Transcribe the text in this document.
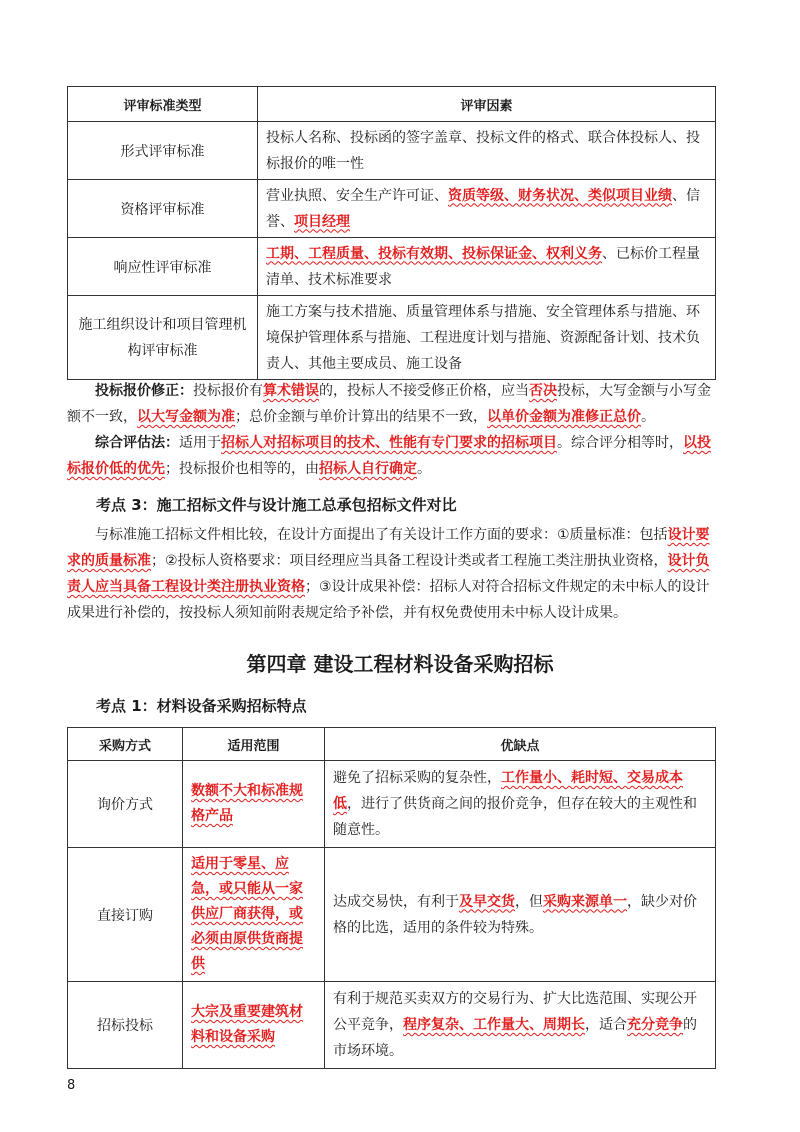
评审标准类型	评审因素
形式评审标准	投标人名称、投标函的签字盖章、投标文件的格式、联合体投标人、投标报价的唯一性
资格评审标准	营业执照、安全生产许可证、资质等级、财务状况、类似项目业绩、信誉、项目经理
响应性评审标准	工期、工程质量、投标有效期、投标保证金、权利义务、已标价工程量清单、技术标准要求
施工组织设计和项目管理机构评审标准	施工方案与技术措施、质量管理体系与措施、安全管理体系与措施、环境保护管理体系与措施、工程进度计划与措施、资源配备计划、技术负责人、其他主要成员、施工设备

投标报价修正：投标报价有算术错误的，投标人不接受修正价格，应当否决投标，大写金额与小写金额不一致，以大写金额为准；总价金额与单价计算出的结果不一致，以单价金额为准修正总价。

综合评估法：适用于招标人对招标项目的技术、性能有专门要求的招标项目。综合评分相等时，以投标报价低的优先；投标报价也相等的，由招标人自行确定。

考点 3：施工招标文件与设计施工总承包招标文件对比

与标准施工招标文件相比较，在设计方面提出了有关设计工作方面的要求：①质量标准：包括设计要求的质量标准；②投标人资格要求：项目经理应当具备工程设计类或者工程施工类注册执业资格，设计负责人应当具备工程设计类注册执业资格；③设计成果补偿：招标人对符合招标文件规定的未中标人的设计成果进行补偿的，按投标人须知前附表规定给予补偿，并有权免费使用未中标人设计成果。

第四章 建设工程材料设备采购招标
考点 1：材料设备采购招标特点
采购方式	适用范围	优缺点
询价方式	数额不大和标准规格产品	避免了招标采购的复杂性，工作量小、耗时短、交易成本低，进行了供货商之间的报价竞争，但存在较大的主观性和随意性。
直接订购	适用于零星、应急，或只能从一家供应厂商获得，或必须由原供货商提供	达成交易快，有利于及早交货，但采购来源单一，缺少对价格的比选，适用的条件较为特殊。
招标投标	大宗及重要建筑材料和设备采购	有利于规范买卖双方的交易行为、扩大比选范围、实现公开公平竞争，程序复杂、工作量大、周期长，适合充分竞争的市场环境。
8
